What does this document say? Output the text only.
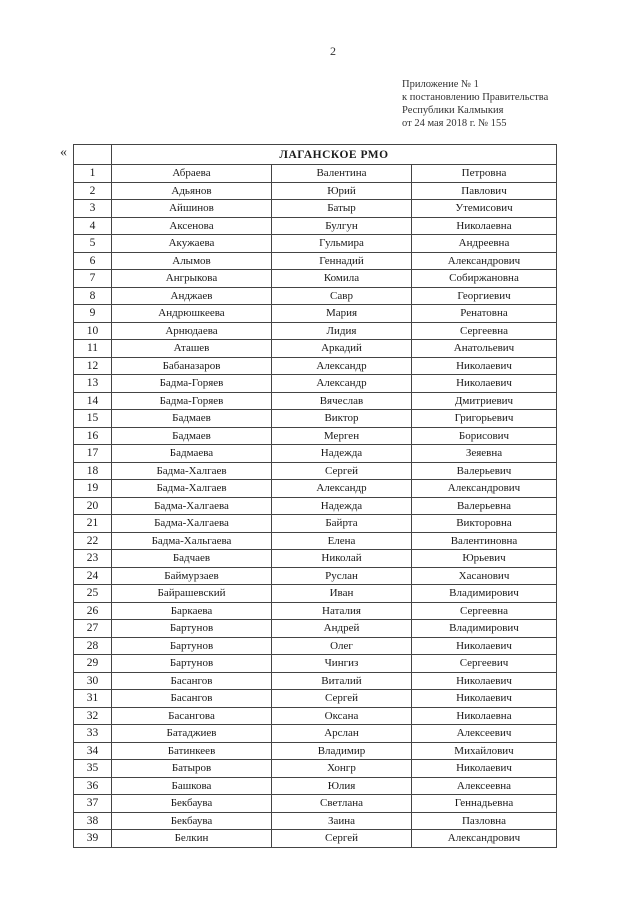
2
Приложение № 1
к постановлению Правительства
Республики Калмыкия
от 24 мая 2018 г. № 155
«
		ЛАГАНСКОЕ РМО		
1	Абраева	Валентина	Петровна
2	Адьянов	Юрий	Павлович
3	Айшинов	Батыр	Утемисович
4	Аксенова	Булгун	Николаевна
5	Акужаева	Гульмира	Андреевна
6	Алымов	Геннадий	Александрович
7	Ангрыкова	Комила	Собиржановна
8	Анджаев	Савр	Георгиевич
9	Андрюшкеева	Мария	Ренатовна
10	Арнюдаева	Лидия	Сергеевна
11	Аташев	Аркадий	Анатольевич
12	Бабаназаров	Александр	Николаевич
13	Бадма-Горяев	Александр	Николаевич
14	Бадма-Горяев	Вячеслав	Дмитриевич
15	Бадмаев	Виктор	Григорьевич
16	Бадмаев	Мерген	Борисович
17	Бадмаева	Надежда	Зеяевна
18	Бадма-Халгаев	Сергей	Валерьевич
19	Бадма-Халгаев	Александр	Александрович
20	Бадма-Халгаева	Надежда	Валерьевна
21	Бадма-Халгаева	Байрта	Викторовна
22	Бадма-Хальгаева	Елена	Валентиновна
23	Бадчаев	Николай	Юрьевич
24	Баймурзаев	Руслан	Хасанович
25	Байрашевский	Иван	Владимирович
26	Баркаева	Наталия	Сергеевна
27	Бартунов	Андрей	Владимирович
28	Бартунов	Олег	Николаевич
29	Бартунов	Чингиз	Сергеевич
30	Басангов	Виталий	Николаевич
31	Басангов	Сергей	Николаевич
32	Басангова	Оксана	Николаевна
33	Батаджиев	Арслан	Алексеевич
34	Батинкеев	Владимир	Михайлович
35	Батыров	Хонгр	Николаевич
36	Башкова	Юлия	Алексеевна
37	Бекбаува	Светлана	Геннадьевна
38	Бекбаува	Заина	Пазловна
39	Белкин	Сергей	Александрович
